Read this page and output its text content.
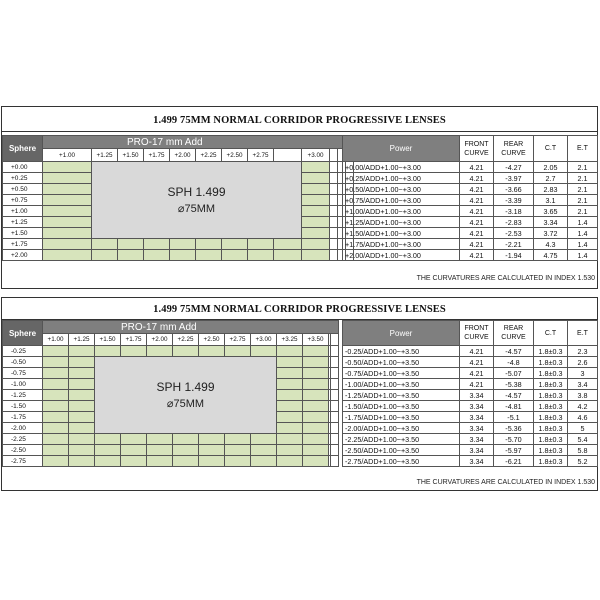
1.499 75MM NORMAL CORRIDOR PROGRESSIVE LENSES
Sphere	PRO-17 mm Add												
	+1.00	+1.25	+1.50	+1.75	+2.00	+2.25	+2.50	+2.75		+3.00			
+0.00		SPH 1.499
⌀75MM											

+0.25													
+0.50													
+0.75													
+1.00													
+1.25													
+1.50													
+1.75													
+2.00													
Power	FRONT CURVE	REAR CURVE	C.T	E.T
+0.00/ADD+1.00~+3.00	4.21	-4.27	2.05	2.1
+0.25/ADD+1.00~+3.00	4.21	-3.97	2.7	2.1
+0.50/ADD+1.00~+3.00	4.21	-3.66	2.83	2.1
+0.75/ADD+1.00~+3.00	4.21	-3.39	3.1	2.1
+1.00/ADD+1.00~+3.00	4.21	-3.18	3.65	2.1
+1.25/ADD+1.00~+3.00	4.21	-2.83	3.34	1.4
+1.50/ADD+1.00~+3.00	4.21	-2.53	3.72	1.4
+1.75/ADD+1.00~+3.00	4.21	-2.21	4.3	1.4
+2.00/ADD+1.00~+3.00	4.21	-1.94	4.75	1.4
THE CURVATURES ARE CALCULATED IN INDEX 1.530
1.499 75MM NORMAL CORRIDOR PROGRESSIVE LENSES
Sphere	PRO-17 mm Add												
	+1.00	+1.25	+1.50	+1.75	+2.00	+2.25	+2.50	+2.75	+3.00	+3.25	+3.50		
-0.25													
-0.50			SPH 1.499
⌀75MM										

-0.75													
-1.00													
-1.25													
-1.50													
-1.75													
-2.00													
-2.25													
-2.50													
-2.75													
Power	FRONT CURVE	REAR CURVE	C.T	E.T
-0.25/ADD+1.00~+3.50	4.21	-4.57	1.8±0.3	2.3
-0.50/ADD+1.00~+3.50	4.21	-4.8	1.8±0.3	2.6
-0.75/ADD+1.00~+3.50	4.21	-5.07	1.8±0.3	3
-1.00/ADD+1.00~+3.50	4.21	-5.38	1.8±0.3	3.4
-1.25/ADD+1.00~+3.50	3.34	-4.57	1.8±0.3	3.8
-1.50/ADD+1.00~+3.50	3.34	-4.81	1.8±0.3	4.2
-1.75/ADD+1.00~+3.50	3.34	-5.1	1.8±0.3	4.6
-2.00/ADD+1.00~+3.50	3.34	-5.36	1.8±0.3	5
-2.25/ADD+1.00~+3.50	3.34	-5.70	1.8±0.3	5.4
-2.50/ADD+1.00~+3.50	3.34	-5.97	1.8±0.3	5.8
-2.75/ADD+1.00~+3.50	3.34	-6.21	1.8±0.3	5.2
THE CURVATURES ARE CALCULATED IN INDEX 1.530
